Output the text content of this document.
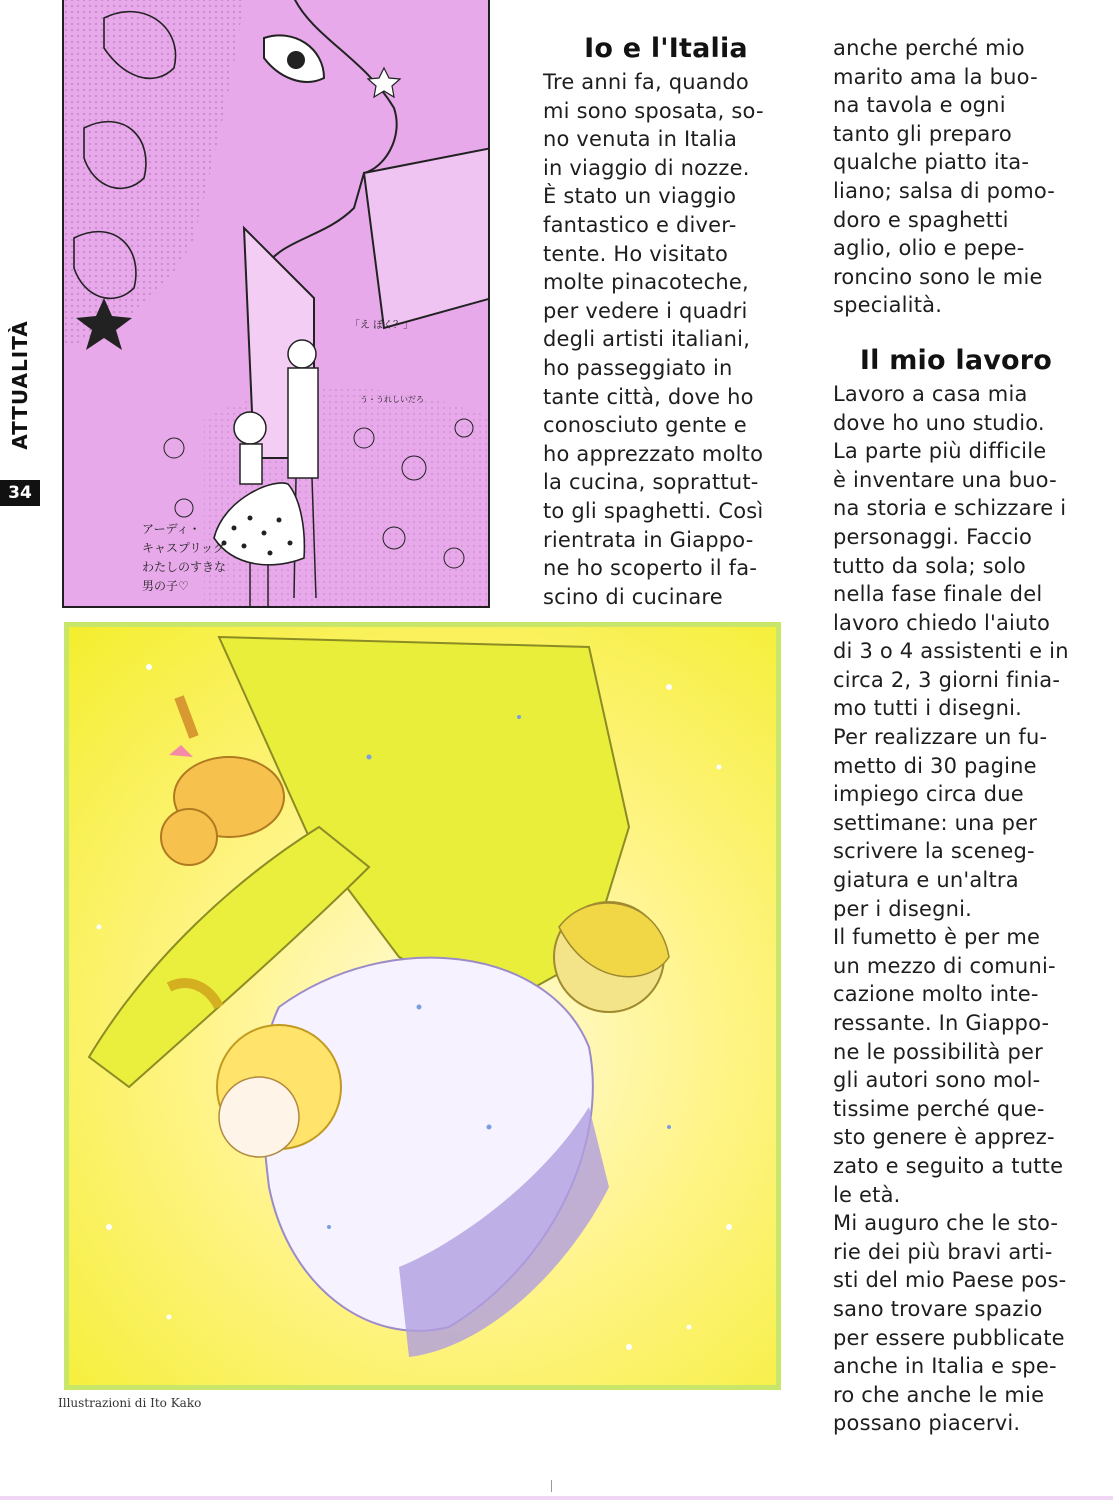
ATTUALITÀ
34
「え ぼく？」
う・うれしいだろ
アーディ・
キャスプリッグ
わたしのすきな
男の子♡
Illustrazioni di Ito Kako
Io e l'Italia
Tre anni fa, quando
mi sono sposata, so-
no venuta in Italia
in viaggio di nozze.
È stato un viaggio
fantastico e diver-
tente. Ho visitato
molte pinacoteche,
per vedere i quadri
degli artisti italiani,
ho passeggiato in
tante città, dove ho
conosciuto gente e
ho apprezzato molto
la cucina, soprattut-
to gli spaghetti. Così
rientrata in Giappo-
ne ho scoperto il fa-
scino di cucinare
anche perché mio
marito ama la buo-
na tavola e ogni
tanto gli preparo
qualche piatto ita-
liano; salsa di pomo-
doro e spaghetti
aglio, olio e pepe-
roncino sono le mie
specialità.
Il mio lavoro
Lavoro a casa mia
dove ho uno studio.
La parte più difficile
è inventare una buo-
na storia e schizzare i
personaggi. Faccio
tutto da sola; solo
nella fase finale del
lavoro chiedo l'aiuto
di 3 o 4 assistenti e in
circa 2, 3 giorni finia-
mo tutti i disegni.
Per realizzare un fu-
metto di 30 pagine
impiego circa due
settimane: una per
scrivere la sceneg-
giatura e un'altra
per i disegni.
Il fumetto è per me
un mezzo di comuni-
cazione molto inte-
ressante. In Giappo-
ne le possibilità per
gli autori sono mol-
tissime perché que-
sto genere è apprez-
zato e seguito a tutte
le età.
Mi auguro che le sto-
rie dei più bravi arti-
sti del mio Paese pos-
sano trovare spazio
per essere pubblicate
anche in Italia e spe-
ro che anche le mie
possano piacervi.
